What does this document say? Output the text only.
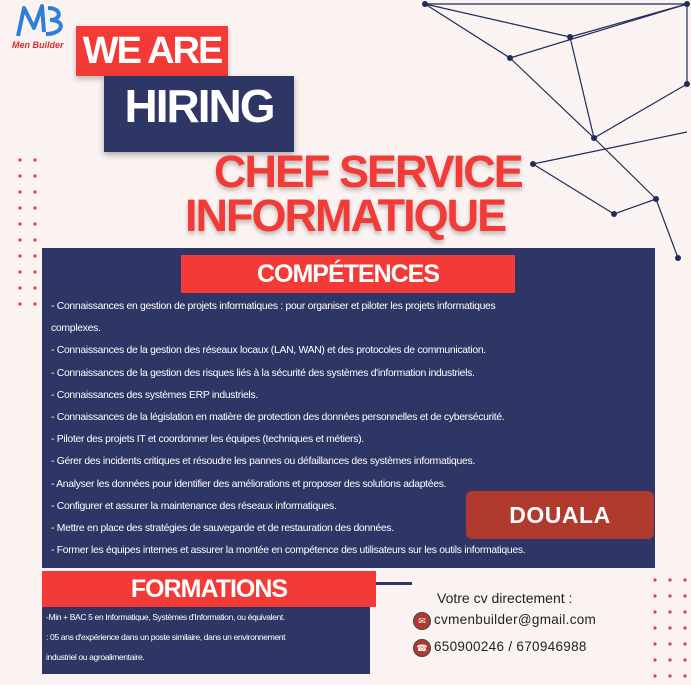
Men Builder WE ARE
HIRING
CHEF SERVICE
INFORMATIQUE
COMPÉTENCES
- Connaissances en gestion de projets informatiques : pour organiser et piloter les projets informatiques
complexes.
- Connaissances de la gestion des réseaux locaux (LAN, WAN) et des protocoles de communication.
- Connaissances de la gestion des risques liés à la sécurité des systèmes d'information industriels.
- Connaissances des systèmes ERP industriels.
- Connaissances de la législation en matière de protection des données personnelles et de cybersécurité.
- Piloter des projets IT et coordonner les équipes (techniques et métiers).
- Gérer des incidents critiques et résoudre les pannes ou défaillances des systèmes informatiques.
- Analyser les données pour identifier des améliorations et proposer des solutions adaptées.
- Configurer et assurer la maintenance des réseaux informatiques.
- Mettre en place des stratégies de sauvegarde et de restauration des données.
- Former les équipes internes et assurer la montée en compétence des utilisateurs sur les outils informatiques.
DOUALA
FORMATIONS
-Min + BAC 5 en Informatique, Systèmes d'Information, ou équivalent.
: 05 ans d'expérience dans un poste similaire, dans un environnement
industriel ou agroalimentaire.
Votre cv directement :
✉ cvmenbuilder@gmail.com
☎ 650900246 / 670946988
